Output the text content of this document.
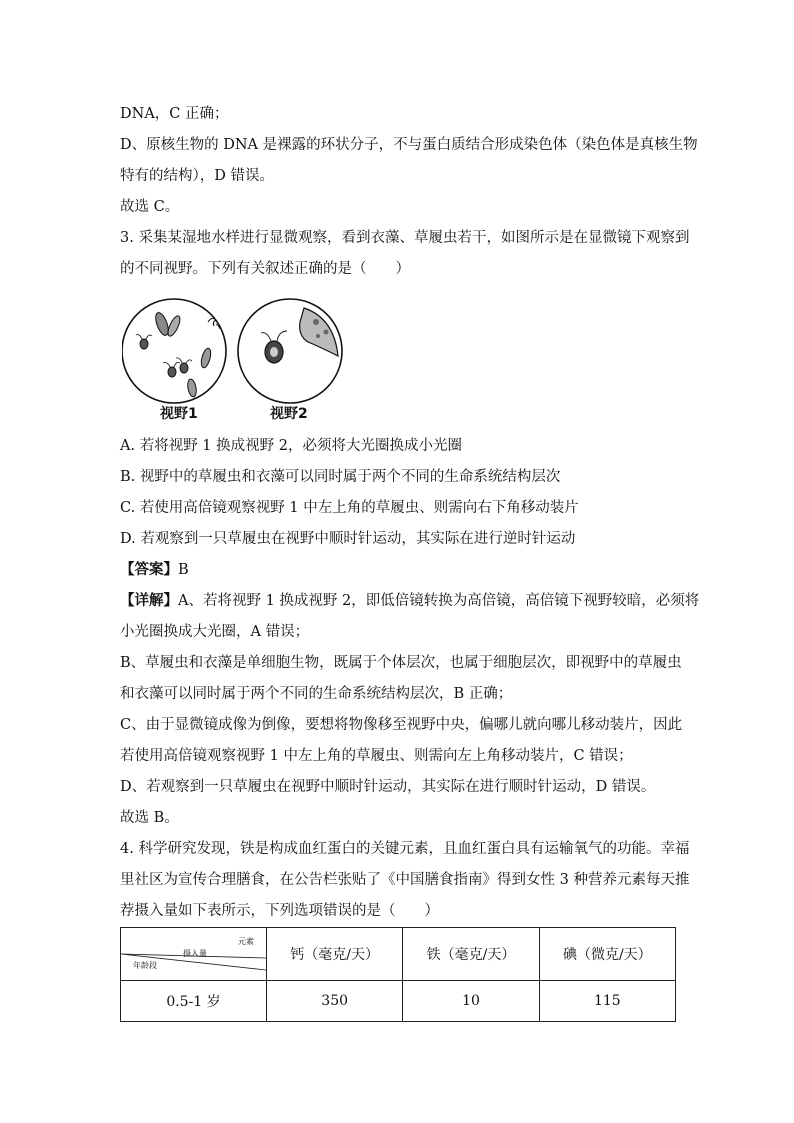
DNA，C 正确；
D、原核生物的 DNA 是裸露的环状分子，不与蛋白质结合形成染色体（染色体是真核生物
特有的结构），D 错误。
故选 C。
3. 采集某湿地水样进行显微观察，看到衣藻、草履虫若干，如图所示是在显微镜下观察到
的不同视野。下列有关叙述正确的是（　　）
视野1	视野2
A. 若将视野 1 换成视野 2，必须将大光圈换成小光圈
B. 视野中的草履虫和衣藻可以同时属于两个不同的生命系统结构层次
C. 若使用高倍镜观察视野 1 中左上角的草履虫、则需向右下角移动装片
D. 若观察到一只草履虫在视野中顺时针运动，其实际在进行逆时针运动
【答案】B
【详解】A、若将视野 1 换成视野 2，即低倍镜转换为高倍镜，高倍镜下视野较暗，必须将
小光圈换成大光圈，A 错误；
B、草履虫和衣藻是单细胞生物，既属于个体层次，也属于细胞层次，即视野中的草履虫
和衣藻可以同时属于两个不同的生命系统结构层次，B 正确；
C、由于显微镜成像为倒像，要想将物像移至视野中央，偏哪儿就向哪儿移动装片，因此
若使用高倍镜观察视野 1 中左上角的草履虫、则需向左上角移动装片，C 错误；
D、若观察到一只草履虫在视野中顺时针运动，其实际在进行顺时针运动，D 错误。
故选 B。
4. 科学研究发现，铁是构成血红蛋白的关键元素，且血红蛋白具有运输氧气的功能。幸福
里社区为宣传合理膳食，在公告栏张贴了《中国膳食指南》得到女性 3 种营养元素每天推
荐摄入量如下表所示，下列选项错误的是（　　）
元素
摄入量
年龄段	钙（毫克/天）	铁（毫克/天）	碘（微克/天）
0.5-1 岁	350	10	115
